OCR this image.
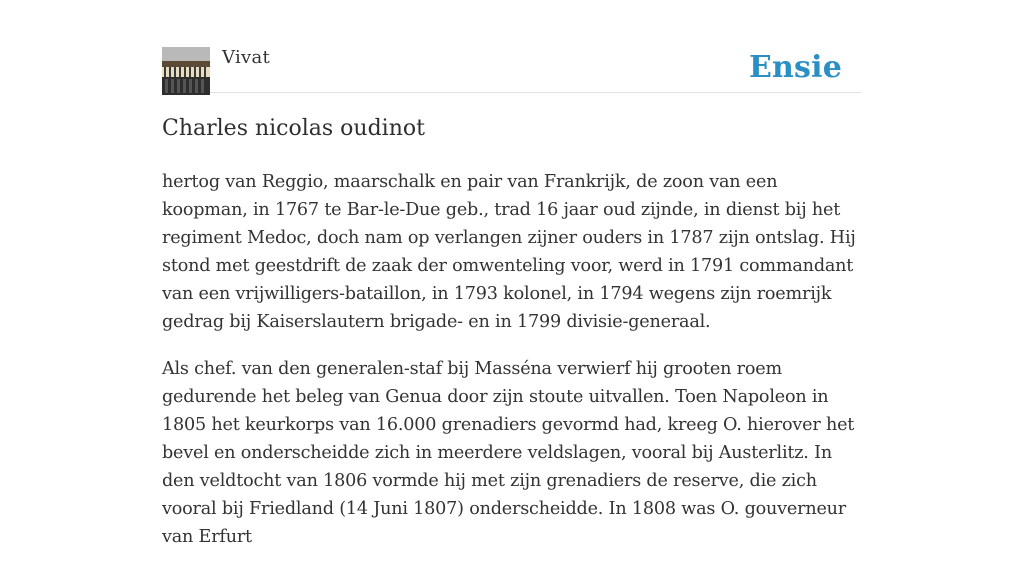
Vivat	Ensie
Charles nicolas oudinot

hertog van Reggio, maarschalk en pair van Frankrijk, de zoon van een koopman, in 1767 te Bar-le-Due geb., trad 16 jaar oud zijnde, in dienst bij het regiment Medoc, doch nam op verlangen zijner ouders in 1787 zijn ontslag. Hij stond met geestdrift de zaak der omwenteling voor, werd in 1791 commandant van een vrijwilligers-bataillon, in 1793 kolonel, in 1794 wegens zijn roemrijk gedrag bij Kaiserslautern brigade- en in 1799 divisie-generaal.

Als chef. van den generalen-staf bij Masséna verwierf hij grooten roem gedurende het beleg van Genua door zijn stoute uitvallen. Toen Napoleon in 1805 het keurkorps van 16.000 grenadiers gevormd had, kreeg O. hierover het bevel en onderscheidde zich in meerdere veldslagen, vooral bij Austerlitz. In den veldtocht van 1806 vormde hij met zijn grenadiers de reserve, die zich vooral bij Friedland (14 Juni 1807) onderscheidde. In 1808 was O. gouverneur van Erfurt
